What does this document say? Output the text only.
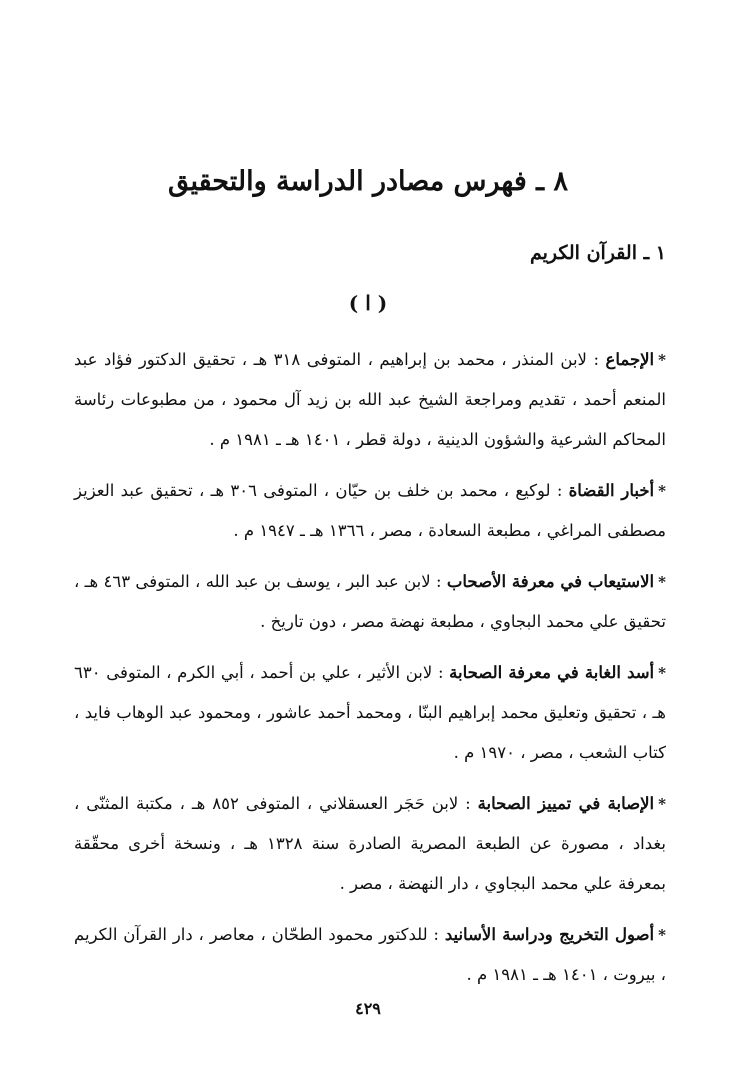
٨ ـ فهرس مصادر الدراسة والتحقيق
١ ـ القرآن الكريم
( ا )

*الإجماع : لابن المنذر ، محمد بن إبراهيم ، المتوفى ٣١٨ هـ ، تحقيق الدكتور فؤاد عبد المنعم أحمد ، تقديم ومراجعة الشيخ عبد الله بن زيد آل محمود ، من مطبوعات رئاسة المحاكم الشرعية والشؤون الدينية ، دولة قطر ، ١٤٠١ هـ ـ ١٩٨١ م .

*أخبار القضاة : لوكيع ، محمد بن خلف بن حيّان ، المتوفى ٣٠٦ هـ ، تحقيق عبد العزيز مصطفى المراغي ، مطبعة السعادة ، مصر ، ١٣٦٦ هـ ـ ١٩٤٧ م .

*الاستيعاب في معرفة الأصحاب : لابن عبد البر ، يوسف بن عبد الله ، المتوفى ٤٦٣ هـ ، تحقيق علي محمد البجاوي ، مطبعة نهضة مصر ، دون تاريخ .

*أسد الغابة في معرفة الصحابة : لابن الأثير ، علي بن أحمد ، أبي الكرم ، المتوفى ٦٣٠ هـ ، تحقيق وتعليق محمد إبراهيم البنّا ، ومحمد أحمد عاشور ، ومحمود عبد الوهاب فايد ، كتاب الشعب ، مصر ، ١٩٧٠ م .

*الإصابة في تمييز الصحابة : لابن حَجَر العسقلاني ، المتوفى ٨٥٢ هـ ، مكتبة المثنّى ، بغداد ، مصورة عن الطبعة المصرية الصادرة سنة ١٣٢٨ هـ ، ونسخة أخرى محقّقة بمعرفة علي محمد البجاوي ، دار النهضة ، مصر .

*أصول التخريج ودراسة الأسانيد : للدكتور محمود الطحّان ، معاصر ، دار القرآن الكريم ، بيروت ، ١٤٠١ هـ ـ ١٩٨١ م .

٤٢٩
